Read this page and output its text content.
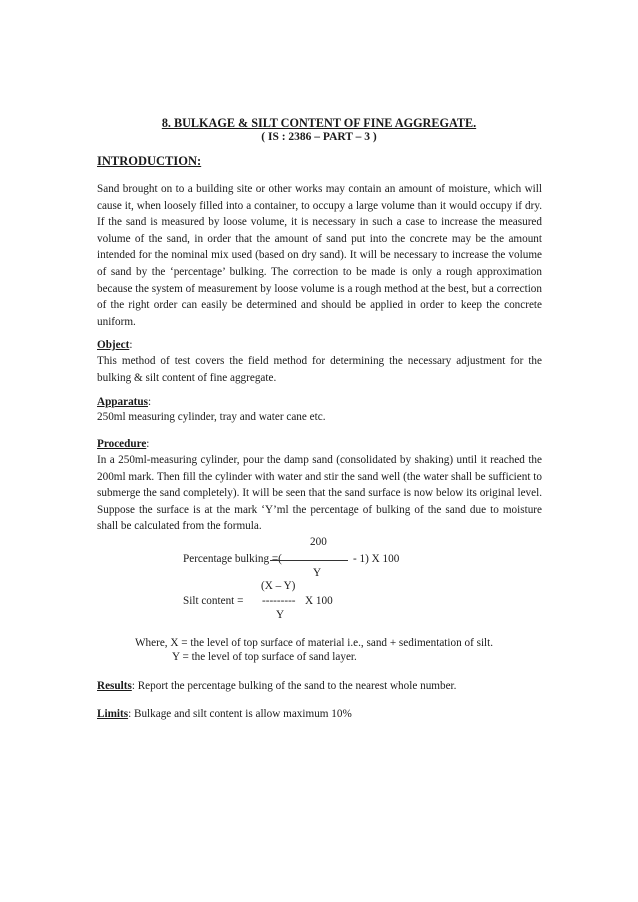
8. BULKAGE & SILT CONTENT OF FINE AGGREGATE.
( IS : 2386 – PART – 3 )
INTRODUCTION:
Sand brought on to a building site or other works may contain an amount of moisture, which will cause it, when loosely filled into a container, to occupy a large volume than it would occupy if dry. If the sand is measured by loose volume, it is necessary in such a case to increase the measured volume of the sand, in order that the amount of sand put into the concrete may be the amount intended for the nominal mix used (based on dry sand). It will be necessary to increase the volume of sand by the ‘percentage’ bulking. The correction to be made is only a rough approximation because the system of measurement by loose volume is a rough method at the best, but a correction of the right order can easily be determined and should be applied in order to keep the concrete uniform.
Object:
This method of test covers the field method for determining the necessary adjustment for the bulking & silt content of fine aggregate.
Apparatus:
250ml measuring cylinder, tray and water cane etc.
Procedure:
In a 250ml-measuring cylinder, pour the damp sand (consolidated by shaking) until it reached the 200ml mark. Then fill the cylinder with water and stir the sand well (the water shall be sufficient to submerge the sand completely). It will be seen that the sand surface is now below its original level. Suppose the surface is at the mark ‘Y’ml the percentage of bulking of the sand due to moisture shall be calculated from the formula.
200
Percentage bulking =(	- 1) X 100
Y
(X – Y)
Silt content = --------- X 100
Y
Where, X = the level of top surface of material i.e., sand + sedimentation of silt.
Y = the level of top surface of sand layer.
Results: Report the percentage bulking of the sand to the nearest whole number.
Limits: Bulkage and silt content is allow maximum 10%
